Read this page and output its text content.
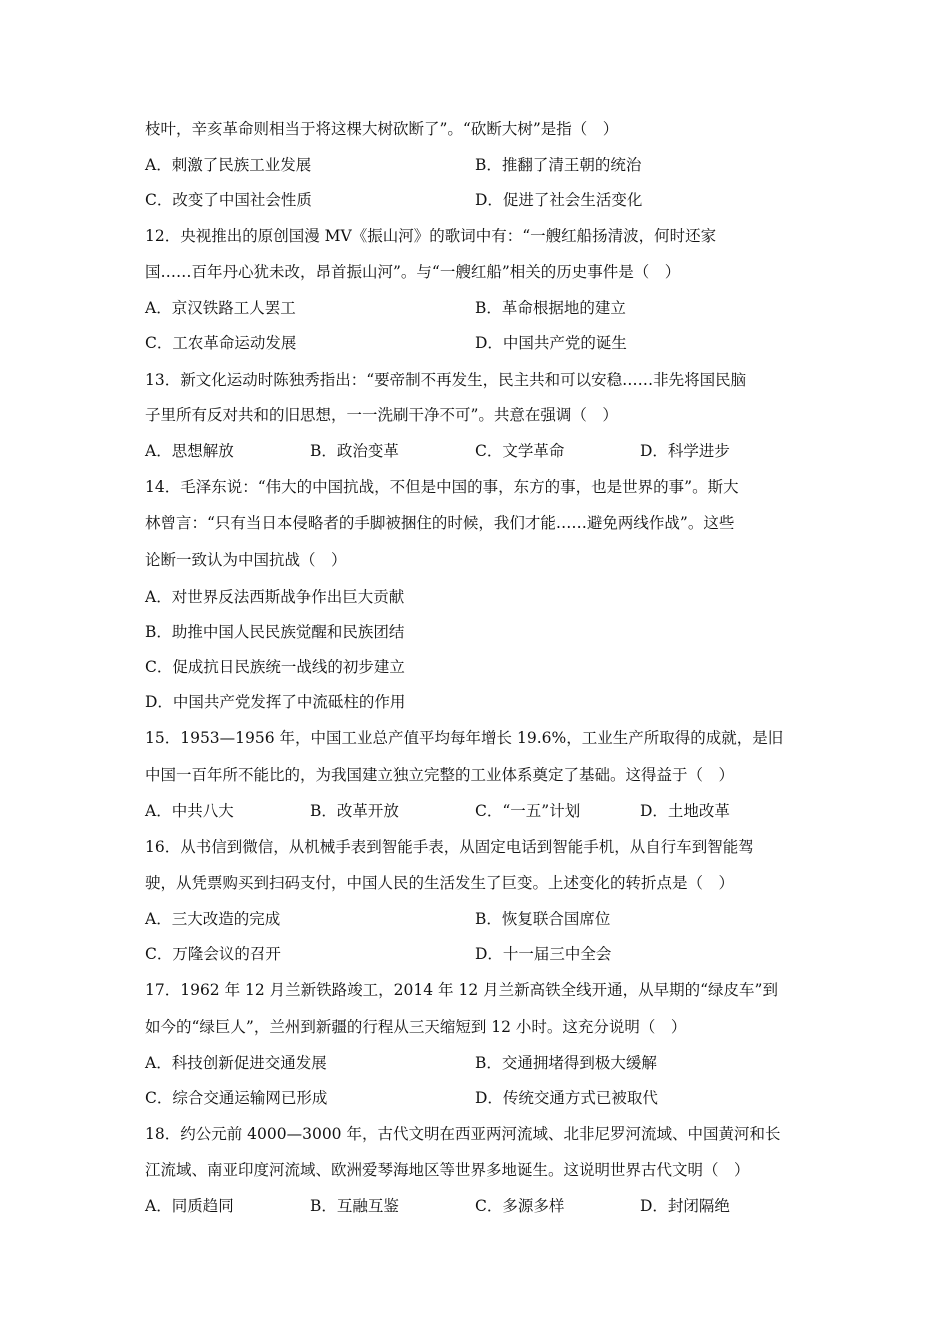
枝叶，辛亥革命则相当于将这棵大树砍断了”。“砍断大树”是指（　）
A．刺激了民族工业发展	B．推翻了清王朝的统治
C．改变了中国社会性质	D．促进了社会生活变化
12．央视推出的原创国漫 MV《振山河》的歌词中有：“一艘红船扬清波，何时还家
国……百年丹心犹未改，昂首振山河”。与“一艘红船”相关的历史事件是（　）
A．京汉铁路工人罢工	B．革命根据地的建立
C．工农革命运动发展	D．中国共产党的诞生
13．新文化运动时陈独秀指出：“要帝制不再发生，民主共和可以安稳……非先将国民脑
子里所有反对共和的旧思想，一一洗刷干净不可”。共意在强调（　）
A．思想解放	B．政治变革	C．文学革命	D．科学进步
14．毛泽东说：“伟大的中国抗战，不但是中国的事，东方的事，也是世界的事”。斯大
林曾言：“只有当日本侵略者的手脚被捆住的时候，我们才能……避免两线作战”。这些
论断一致认为中国抗战（　）
A．对世界反法西斯战争作出巨大贡献
B．助推中国人民民族觉醒和民族团结
C．促成抗日民族统一战线的初步建立
D．中国共产党发挥了中流砥柱的作用
15．1953—1956 年，中国工业总产值平均每年增长 19.6%，工业生产所取得的成就，是旧
中国一百年所不能比的，为我国建立独立完整的工业体系奠定了基础。这得益于（　）
A．中共八大	B．改革开放	C．“一五”计划	D．土地改革
16．从书信到微信，从机械手表到智能手表，从固定电话到智能手机，从自行车到智能驾
驶，从凭票购买到扫码支付，中国人民的生活发生了巨变。上述变化的转折点是（　）
A．三大改造的完成	B．恢复联合国席位
C．万隆会议的召开	D．十一届三中全会
17．1962 年 12 月兰新铁路竣工，2014 年 12 月兰新高铁全线开通，从早期的“绿皮车”到
如今的“绿巨人”，兰州到新疆的行程从三天缩短到 12 小时。这充分说明（　）
A．科技创新促进交通发展	B．交通拥堵得到极大缓解
C．综合交通运输网已形成	D．传统交通方式已被取代
18．约公元前 4000—3000 年，古代文明在西亚两河流域、北非尼罗河流域、中国黄河和长
江流域、南亚印度河流域、欧洲爱琴海地区等世界多地诞生。这说明世界古代文明（　）
A．同质趋同	B．互融互鉴	C．多源多样	D．封闭隔绝
